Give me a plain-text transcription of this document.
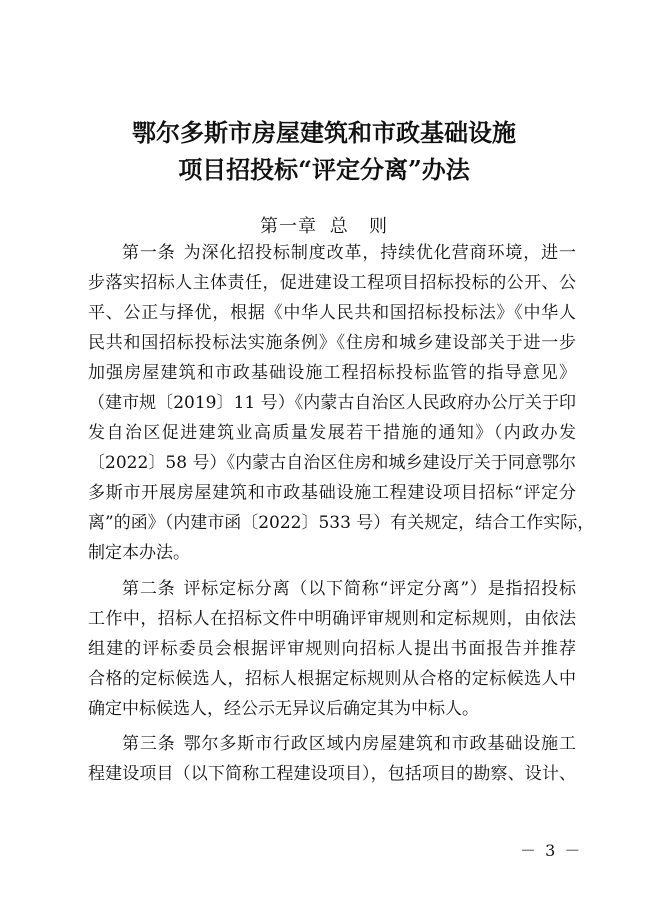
鄂尔多斯市房屋建筑和市政基础设施
项目招投标“评定分离”办法
第一章 总   则
第一条 为深化招投标制度改革，持续优化营商环境，进一
步落实招标人主体责任，促进建设工程项目招标投标的公开、公
平、公正与择优，根据《中华人民共和国招标投标法》《中华人
民共和国招标投标法实施条例》《住房和城乡建设部关于进一步
加强房屋建筑和市政基础设施工程招标投标监管的指导意见》
（建市规〔2019〕11 号）《内蒙古自治区人民政府办公厅关于印
发自治区促进建筑业高质量发展若干措施的通知》（内政办发
〔2022〕58 号）《内蒙古自治区住房和城乡建设厅关于同意鄂尔
多斯市开展房屋建筑和市政基础设施工程建设项目招标“评定分
离”的函》（内建市函〔2022〕533 号）有关规定，结合工作实际，
制定本办法。
第二条 评标定标分离（以下简称“评定分离”）是指招投标
工作中，招标人在招标文件中明确评审规则和定标规则，由依法
组建的评标委员会根据评审规则向招标人提出书面报告并推荐
合格的定标候选人，招标人根据定标规则从合格的定标候选人中
确定中标候选人，经公示无异议后确定其为中标人。
第三条 鄂尔多斯市行政区域内房屋建筑和市政基础设施工
程建设项目（以下简称工程建设项目），包括项目的勘察、设计、
－ 3 －
